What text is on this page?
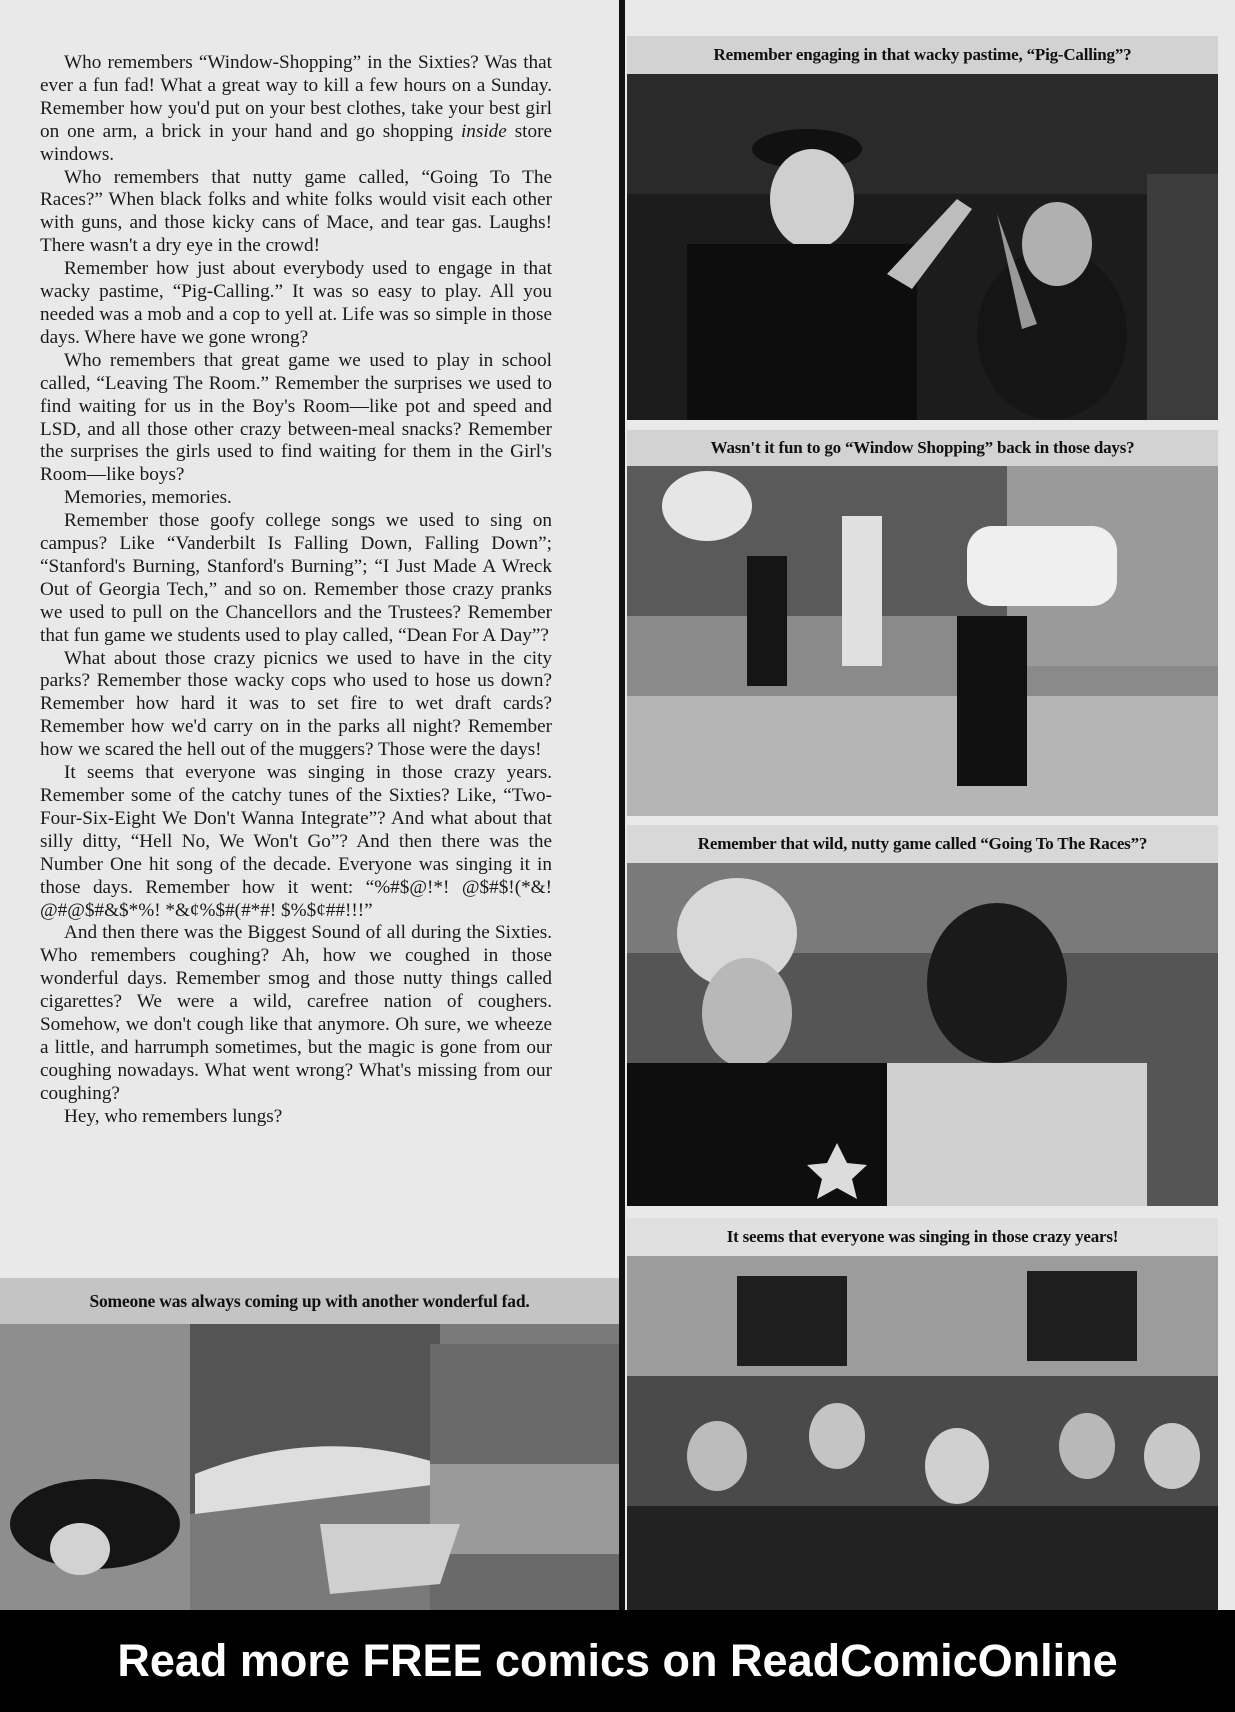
Who remembers “Window-Shopping” in the Sixties? Was that ever a fun fad! What a great way to kill a few hours on a Sunday. Remember how you'd put on your best clothes, take your best girl on one arm, a brick in your hand and go shopping inside store windows.

Who remembers that nutty game called, “Going To The Races?” When black folks and white folks would visit each other with guns, and those kicky cans of Mace, and tear gas. Laughs! There wasn't a dry eye in the crowd!

Remember how just about everybody used to engage in that wacky pastime, “Pig-Calling.” It was so easy to play. All you needed was a mob and a cop to yell at. Life was so simple in those days. Where have we gone wrong?

Who remembers that great game we used to play in school called, “Leaving The Room.” Remember the surprises we used to find waiting for us in the Boy's Room—like pot and speed and LSD, and all those other crazy between-meal snacks? Remember the surprises the girls used to find waiting for them in the Girl's Room—like boys?

Memories, memories.

Remember those goofy college songs we used to sing on campus? Like “Vanderbilt Is Falling Down, Falling Down”; “Stanford's Burning, Stanford's Burning”; “I Just Made A Wreck Out of Georgia Tech,” and so on. Remember those crazy pranks we used to pull on the Chancellors and the Trustees? Remember that fun game we students used to play called, “Dean For A Day”?

What about those crazy picnics we used to have in the city parks? Remember those wacky cops who used to hose us down? Remember how hard it was to set fire to wet draft cards? Remember how we'd carry on in the parks all night? Remember how we scared the hell out of the muggers? Those were the days!

It seems that everyone was singing in those crazy years. Remember some of the catchy tunes of the Sixties? Like, “Two-Four-Six-Eight We Don't Wanna Integrate”? And what about that silly ditty, “Hell No, We Won't Go”? And then there was the Number One hit song of the decade. Everyone was singing it in those days. Remember how it went: “%#$@!*! @$#$!(*&! @#@$#&$*%! *&¢%$#(#*#! $%$¢##!!!”

And then there was the Biggest Sound of all during the Sixties. Who remembers coughing? Ah, how we coughed in those wonderful days. Remember smog and those nutty things called cigarettes? We were a wild, carefree nation of coughers. Somehow, we don't cough like that anymore. Oh sure, we wheeze a little, and harrumph sometimes, but the magic is gone from our coughing nowadays. What went wrong? What's missing from our coughing?

Hey, who remembers lungs?

Remember engaging in that wacky pastime, “Pig-Calling”?
Wasn't it fun to go “Window Shopping” back in those days?
Remember that wild, nutty game called “Going To The Races”?
It seems that everyone was singing in those crazy years!
Someone was always coming up with another wonderful fad.
Read more FREE comics on ReadComicOnline
